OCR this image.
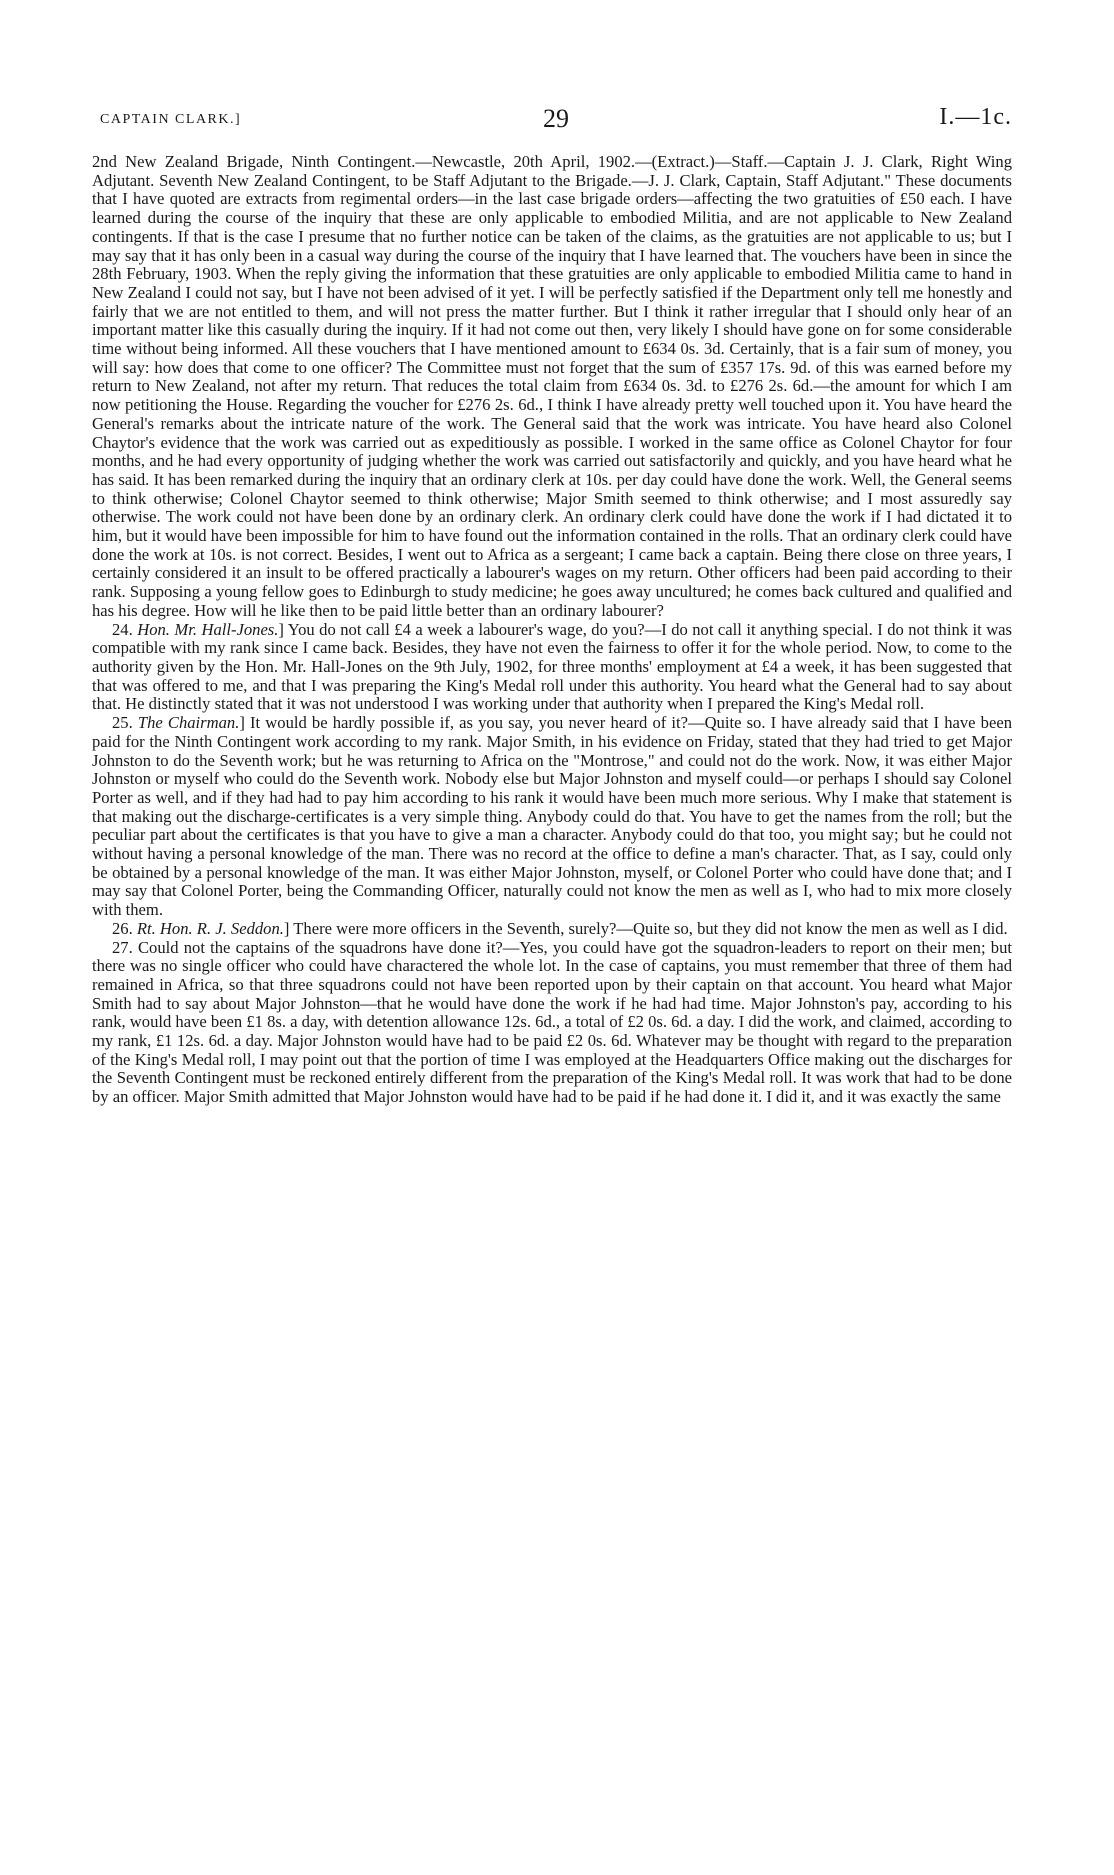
CAPTAIN CLARK.]	29	I.—1c.

2nd New Zealand Brigade, Ninth Contingent.—Newcastle, 20th April, 1902.—(Extract.)—Staff.—Captain J. J. Clark, Right Wing Adjutant. Seventh New Zealand Contingent, to be Staff Adjutant to the Brigade.—J. J. Clark, Captain, Staff Adjutant." These documents that I have quoted are extracts from regimental orders—in the last case brigade orders—affecting the two gratuities of £50 each. I have learned during the course of the inquiry that these are only applicable to embodied Militia, and are not applicable to New Zealand contingents. If that is the case I presume that no further notice can be taken of the claims, as the gratuities are not applicable to us; but I may say that it has only been in a casual way during the course of the inquiry that I have learned that. The vouchers have been in since the 28th February, 1903. When the reply giving the information that these gratuities are only applicable to embodied Militia came to hand in New Zealand I could not say, but I have not been advised of it yet. I will be perfectly satisfied if the Department only tell me honestly and fairly that we are not entitled to them, and will not press the matter further. But I think it rather irregular that I should only hear of an important matter like this casually during the inquiry. If it had not come out then, very likely I should have gone on for some considerable time without being informed. All these vouchers that I have mentioned amount to £634 0s. 3d. Certainly, that is a fair sum of money, you will say: how does that come to one officer? The Committee must not forget that the sum of £357 17s. 9d. of this was earned before my return to New Zealand, not after my return. That reduces the total claim from £634 0s. 3d. to £276 2s. 6d.—the amount for which I am now petitioning the House. Regarding the voucher for £276 2s. 6d., I think I have already pretty well touched upon it. You have heard the General's remarks about the intricate nature of the work. The General said that the work was intricate. You have heard also Colonel Chaytor's evidence that the work was carried out as expeditiously as possible. I worked in the same office as Colonel Chaytor for four months, and he had every opportunity of judging whether the work was carried out satisfactorily and quickly, and you have heard what he has said. It has been remarked during the inquiry that an ordinary clerk at 10s. per day could have done the work. Well, the General seems to think otherwise; Colonel Chaytor seemed to think otherwise; Major Smith seemed to think otherwise; and I most assuredly say otherwise. The work could not have been done by an ordinary clerk. An ordinary clerk could have done the work if I had dictated it to him, but it would have been impossible for him to have found out the information contained in the rolls. That an ordinary clerk could have done the work at 10s. is not correct. Besides, I went out to Africa as a sergeant; I came back a captain. Being there close on three years, I certainly considered it an insult to be offered practically a labourer's wages on my return. Other officers had been paid according to their rank. Supposing a young fellow goes to Edinburgh to study medicine; he goes away uncultured; he comes back cultured and qualified and has his degree. How will he like then to be paid little better than an ordinary labourer?

24. Hon. Mr. Hall-Jones.] You do not call £4 a week a labourer's wage, do you?—I do not call it anything special. I do not think it was compatible with my rank since I came back. Besides, they have not even the fairness to offer it for the whole period. Now, to come to the authority given by the Hon. Mr. Hall-Jones on the 9th July, 1902, for three months' employment at £4 a week, it has been suggested that that was offered to me, and that I was preparing the King's Medal roll under this authority. You heard what the General had to say about that. He distinctly stated that it was not understood I was working under that authority when I prepared the King's Medal roll.

25. The Chairman.] It would be hardly possible if, as you say, you never heard of it?—Quite so. I have already said that I have been paid for the Ninth Contingent work according to my rank. Major Smith, in his evidence on Friday, stated that they had tried to get Major Johnston to do the Seventh work; but he was returning to Africa on the "Montrose," and could not do the work. Now, it was either Major Johnston or myself who could do the Seventh work. Nobody else but Major Johnston and myself could—or perhaps I should say Colonel Porter as well, and if they had had to pay him according to his rank it would have been much more serious. Why I make that statement is that making out the discharge-certificates is a very simple thing. Anybody could do that. You have to get the names from the roll; but the peculiar part about the certificates is that you have to give a man a character. Anybody could do that too, you might say; but he could not without having a personal knowledge of the man. There was no record at the office to define a man's character. That, as I say, could only be obtained by a personal knowledge of the man. It was either Major Johnston, myself, or Colonel Porter who could have done that; and I may say that Colonel Porter, being the Commanding Officer, naturally could not know the men as well as I, who had to mix more closely with them.

26. Rt. Hon. R. J. Seddon.] There were more officers in the Seventh, surely?—Quite so, but they did not know the men as well as I did.

27. Could not the captains of the squadrons have done it?—Yes, you could have got the squadron-leaders to report on their men; but there was no single officer who could have charactered the whole lot. In the case of captains, you must remember that three of them had remained in Africa, so that three squadrons could not have been reported upon by their captain on that account. You heard what Major Smith had to say about Major Johnston—that he would have done the work if he had had time. Major Johnston's pay, according to his rank, would have been £1 8s. a day, with detention allowance 12s. 6d., a total of £2 0s. 6d. a day. I did the work, and claimed, according to my rank, £1 12s. 6d. a day. Major Johnston would have had to be paid £2 0s. 6d. Whatever may be thought with regard to the preparation of the King's Medal roll, I may point out that the portion of time I was employed at the Headquarters Office making out the discharges for the Seventh Contingent must be reckoned entirely different from the preparation of the King's Medal roll. It was work that had to be done by an officer. Major Smith admitted that Major Johnston would have had to be paid if he had done it. I did it, and it was exactly the same
